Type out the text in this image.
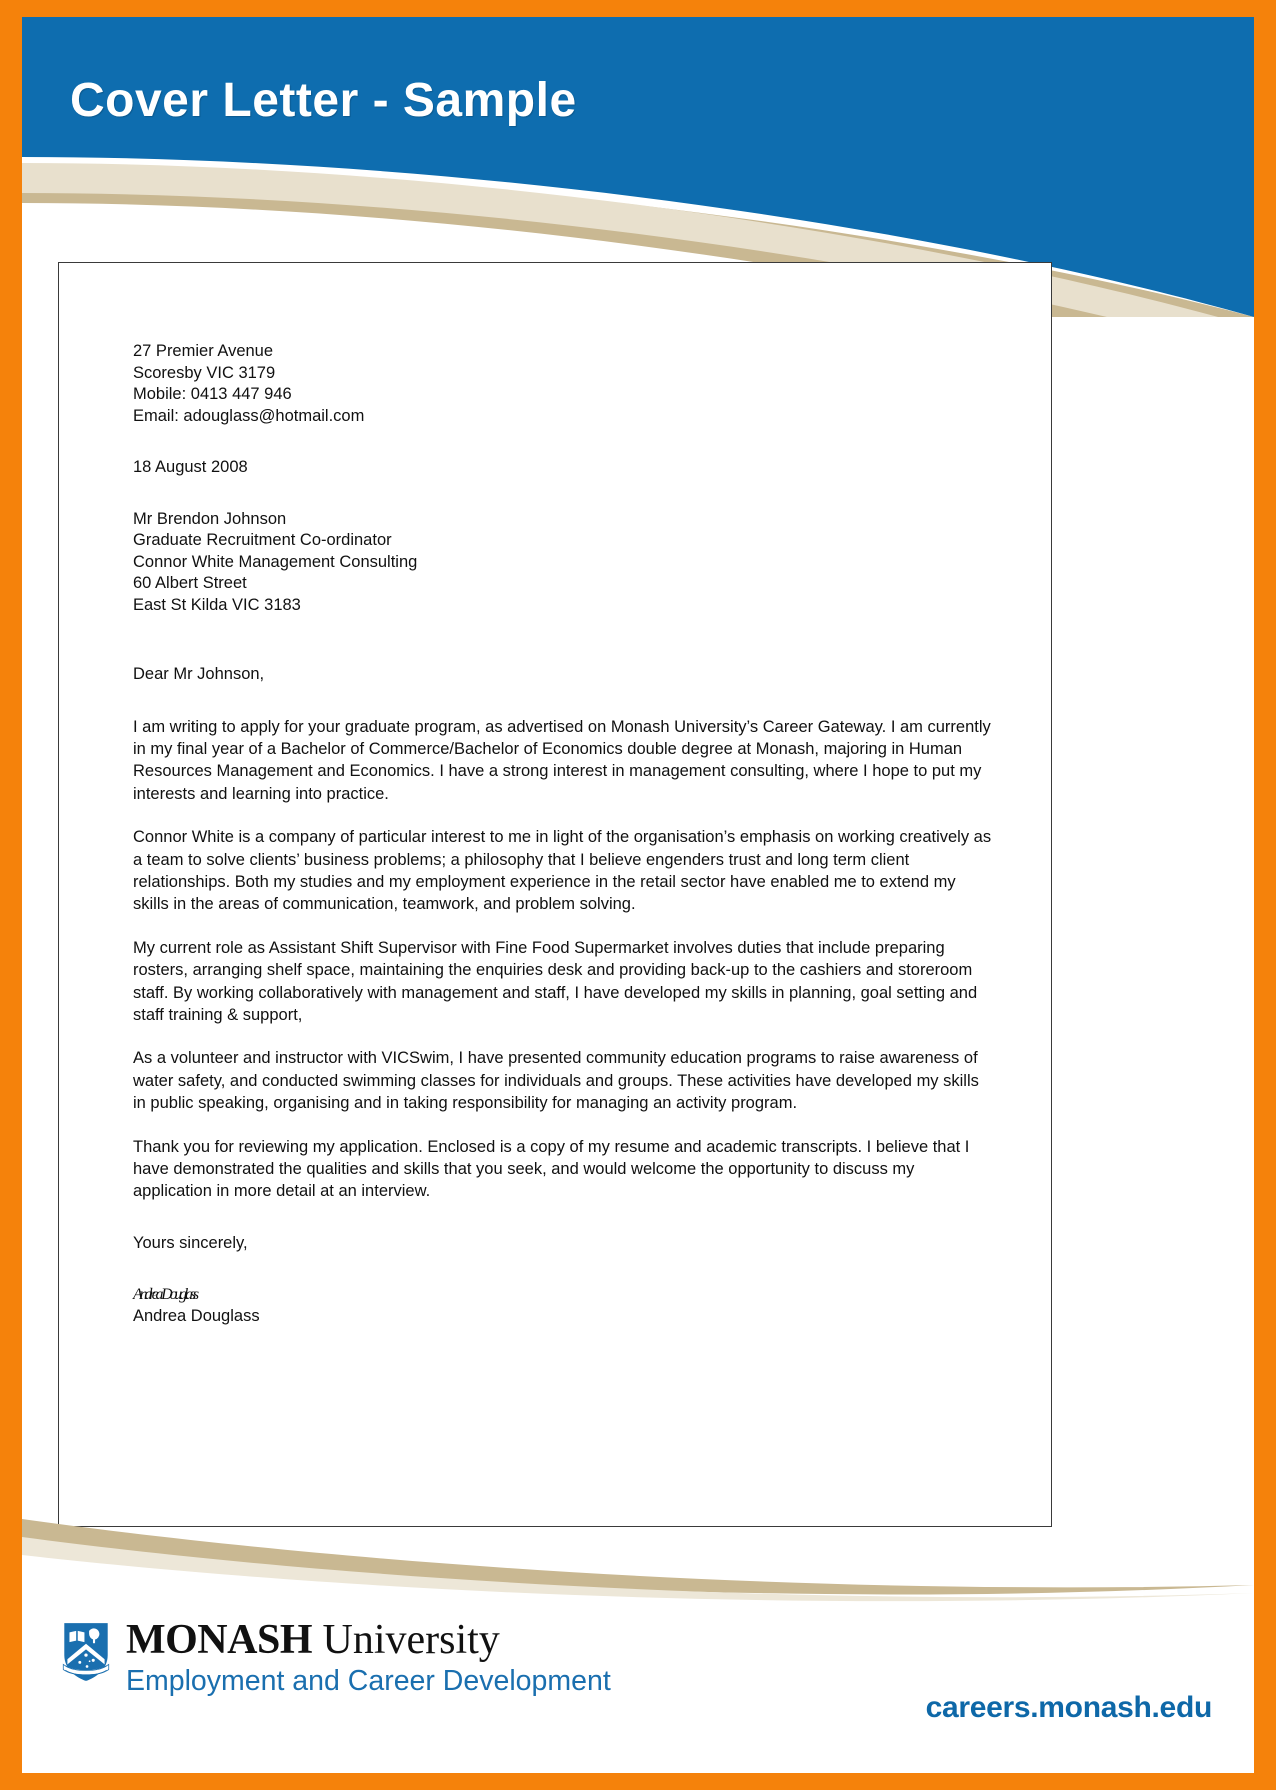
Cover Letter - Sample
27 Premier Avenue
Scoresby VIC 3179
Mobile: 0413 447 946
Email: adouglass@hotmail.com
18 August 2008
Mr Brendon Johnson
Graduate Recruitment Co-ordinator
Connor White Management Consulting
60 Albert Street
East St Kilda VIC 3183
Dear Mr Johnson,

I am writing to apply for your graduate program, as advertised on Monash University’s Career Gateway. I am currently in my final year of a Bachelor of Commerce/Bachelor of Economics double degree at Monash, majoring in Human Resources Management and Economics. I have a strong interest in management consulting, where I hope to put my interests and learning into practice.

Connor White is a company of particular interest to me in light of the organisation’s emphasis on working creatively as a team to solve clients’ business problems; a philosophy that I believe engenders trust and long term client relationships. Both my studies and my employment experience in the retail sector have enabled me to extend my skills in the areas of communication, teamwork, and problem solving.

My current role as Assistant Shift Supervisor with Fine Food Supermarket involves duties that include preparing rosters, arranging shelf space, maintaining the enquiries desk and providing back-up to the cashiers and storeroom staff. By working collaboratively with management and staff, I have developed my skills in planning, goal setting and staff training & support,

As a volunteer and instructor with VICSwim, I have presented community education programs to raise awareness of water safety, and conducted swimming classes for individuals and groups. These activities have developed my skills in public speaking, organising and in taking responsibility for managing an activity program.

Thank you for reviewing my application. Enclosed is a copy of my resume and academic transcripts. I believe that I have demonstrated the qualities and skills that you seek, and would welcome the opportunity to discuss my application in more detail at an interview.

Yours sincerely,
Andrea Douglass
Andrea Douglass
MONASH University
Employment and Career Development
careers.monash.edu
